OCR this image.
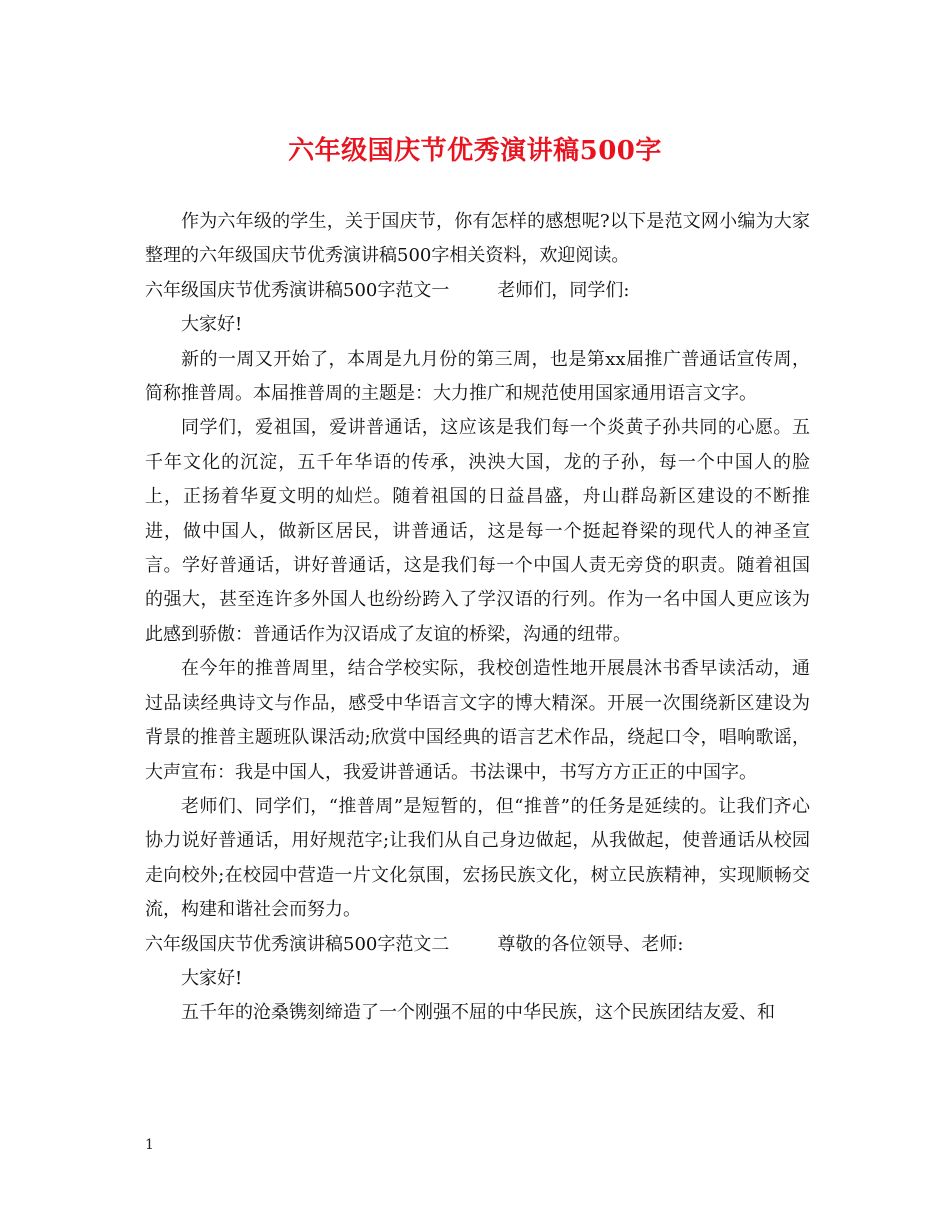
六年级国庆节优秀演讲稿500字

作为六年级的学生，关于国庆节，你有怎样的感想呢?以下是范文网小编为大家整理的六年级国庆节优秀演讲稿500字相关资料，欢迎阅读。

六年级国庆节优秀演讲稿500字范文一	老师们，同学们:

大家好!

新的一周又开始了，本周是九月份的第三周，也是第xx届推广普通话宣传周，简称推普周。本届推普周的主题是：大力推广和规范使用国家通用语言文字。

同学们，爱祖国，爱讲普通话，这应该是我们每一个炎黄子孙共同的心愿。五千年文化的沉淀，五千年华语的传承，泱泱大国，龙的子孙，每一个中国人的脸上，正扬着华夏文明的灿烂。随着祖国的日益昌盛，舟山群岛新区建设的不断推进，做中国人，做新区居民，讲普通话，这是每一个挺起脊梁的现代人的神圣宣言。学好普通话，讲好普通话，这是我们每一个中国人责无旁贷的职责。随着祖国的强大，甚至连许多外国人也纷纷跨入了学汉语的行列。作为一名中国人更应该为此感到骄傲：普通话作为汉语成了友谊的桥梁，沟通的纽带。

在今年的推普周里，结合学校实际，我校创造性地开展晨沐书香早读活动，通过品读经典诗文与作品，感受中华语言文字的博大精深。开展一次围绕新区建设为背景的推普主题班队课活动;欣赏中国经典的语言艺术作品，绕起口令，唱响歌谣，大声宣布：我是中国人，我爱讲普通话。书法课中，书写方方正正的中国字。

老师们、同学们，“推普周”是短暂的，但“推普”的任务是延续的。让我们齐心协力说好普通话，用好规范字;让我们从自己身边做起，从我做起，使普通话从校园走向校外;在校园中营造一片文化氛围，宏扬民族文化，树立民族精神，实现顺畅交流，构建和谐社会而努力。

六年级国庆节优秀演讲稿500字范文二	尊敬的各位领导、老师:

大家好!

五千年的沧桑镌刻缔造了一个刚强不屈的中华民族，这个民族团结友爱、和

1
